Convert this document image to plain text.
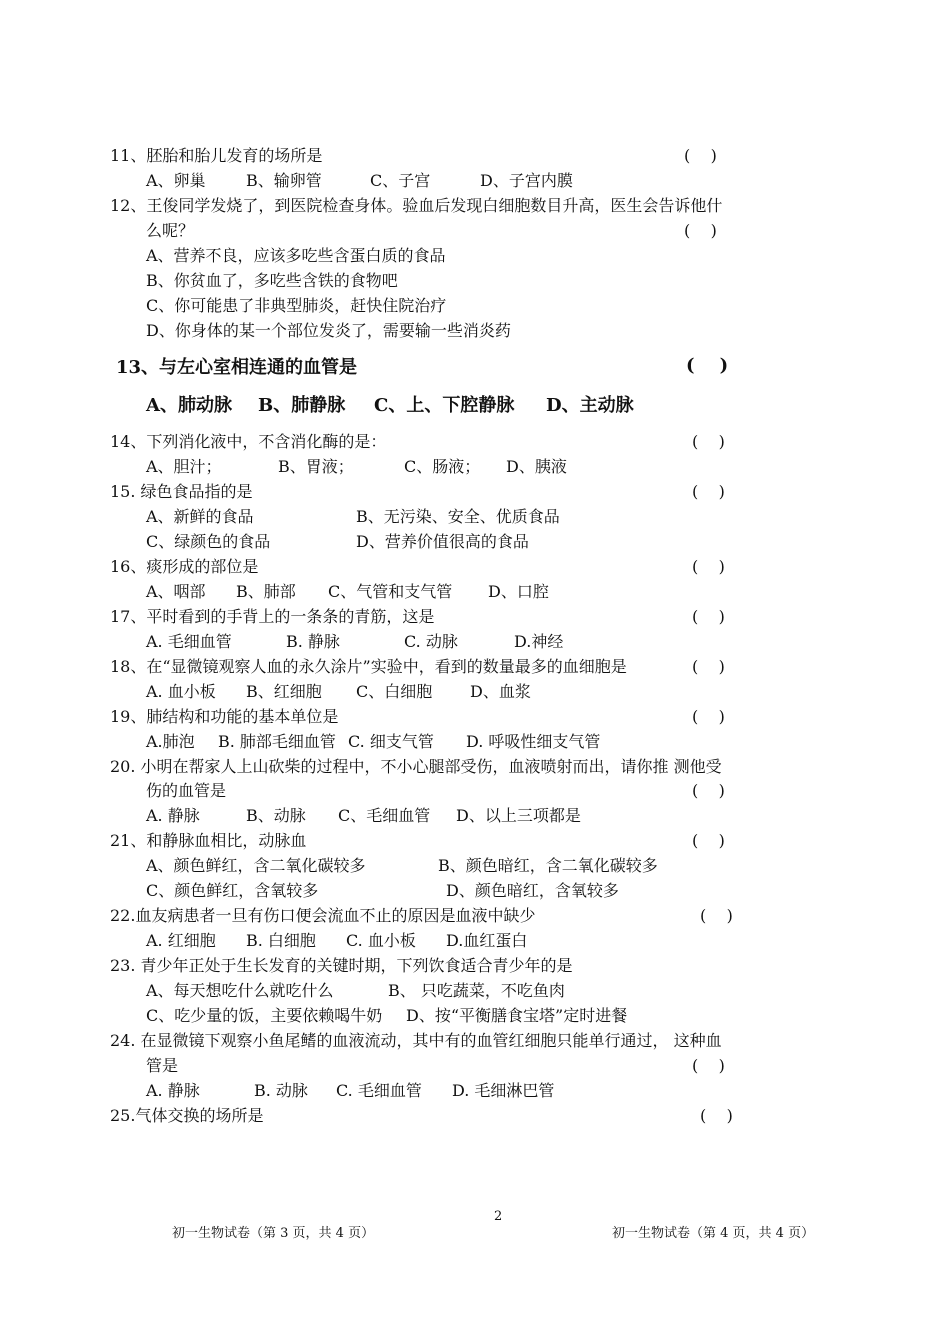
11、胚胎和胎儿发育的场所是	(    )
A、卵巢	B、输卵管	C、子宫	D、子宫内膜
12、王俊同学发烧了，到医院检查身体。验血后发现白细胞数目升高，医生会告诉他什
么呢？	(    )
A、营养不良，应该多吃些含蛋白质的食品
B、你贫血了，多吃些含铁的食物吧
C、你可能患了非典型肺炎，赶快住院治疗
D、你身体的某一个部位发炎了，需要输一些消炎药
13、与左心室相连通的血管是	(    )
A、肺动脉 B、肺静脉 C、上、下腔静脉 D、主动脉
14、下列消化液中，不含消化酶的是：	(    )
A、胆汁；	B、胃液；	C、肠液； D、胰液
15. 绿色食品指的是	(    )
A、新鲜的食品	B、无污染、安全、优质食品
C、绿颜色的食品	D、营养价值很高的食品
16、痰形成的部位是	(    )
A、咽部 B、肺部 C、气管和支气管 D、口腔
17、平时看到的手背上的一条条的青筋，这是	(    )
A. 毛细血管	B. 静脉	C. 动脉	D.神经
18、在“显微镜观察人血的永久涂片”实验中，看到的数量最多的血细胞是	(    )
A. 血小板 B、红细胞 C、白细胞 D、血浆
19、肺结构和功能的基本单位是	(    )
A.肺泡 B. 肺部毛细血管 C. 细支气管 D. 呼吸性细支气管
20. 小明在帮家人上山砍柴的过程中，不小心腿部受伤，血液喷射而出，请你推 测他受
伤的血管是	(    )
A. 静脉	B、动脉 C、毛细血管 D、以上三项都是
21、和静脉血相比，动脉血	(    )
A、颜色鲜红，含二氧化碳较多	B、颜色暗红，含二氧化碳较多
C、颜色鲜红，含氧较多	D、颜色暗红，含氧较多
22.血友病患者一旦有伤口便会流血不止的原因是血液中缺少	(    )
A. 红细胞 B. 白细胞 C. 血小板 D.血红蛋白
23. 青少年正处于生长发育的关键时期，下列饮食适合青少年的是
A、每天想吃什么就吃什么	B、 只吃蔬菜，不吃鱼肉
C、吃少量的饭，主要依赖喝牛奶 D、按“平衡膳食宝塔”定时进餐
24. 在显微镜下观察小鱼尾鳍的血液流动，其中有的血管红细胞只能单行通过， 这种血
管是	(    )
A. 静脉	B. 动脉 C. 毛细血管 D. 毛细淋巴管
25.气体交换的场所是	(    )
2
初一生物试卷（第 3 页，共 4 页）	初一生物试卷（第 4 页，共 4 页）
